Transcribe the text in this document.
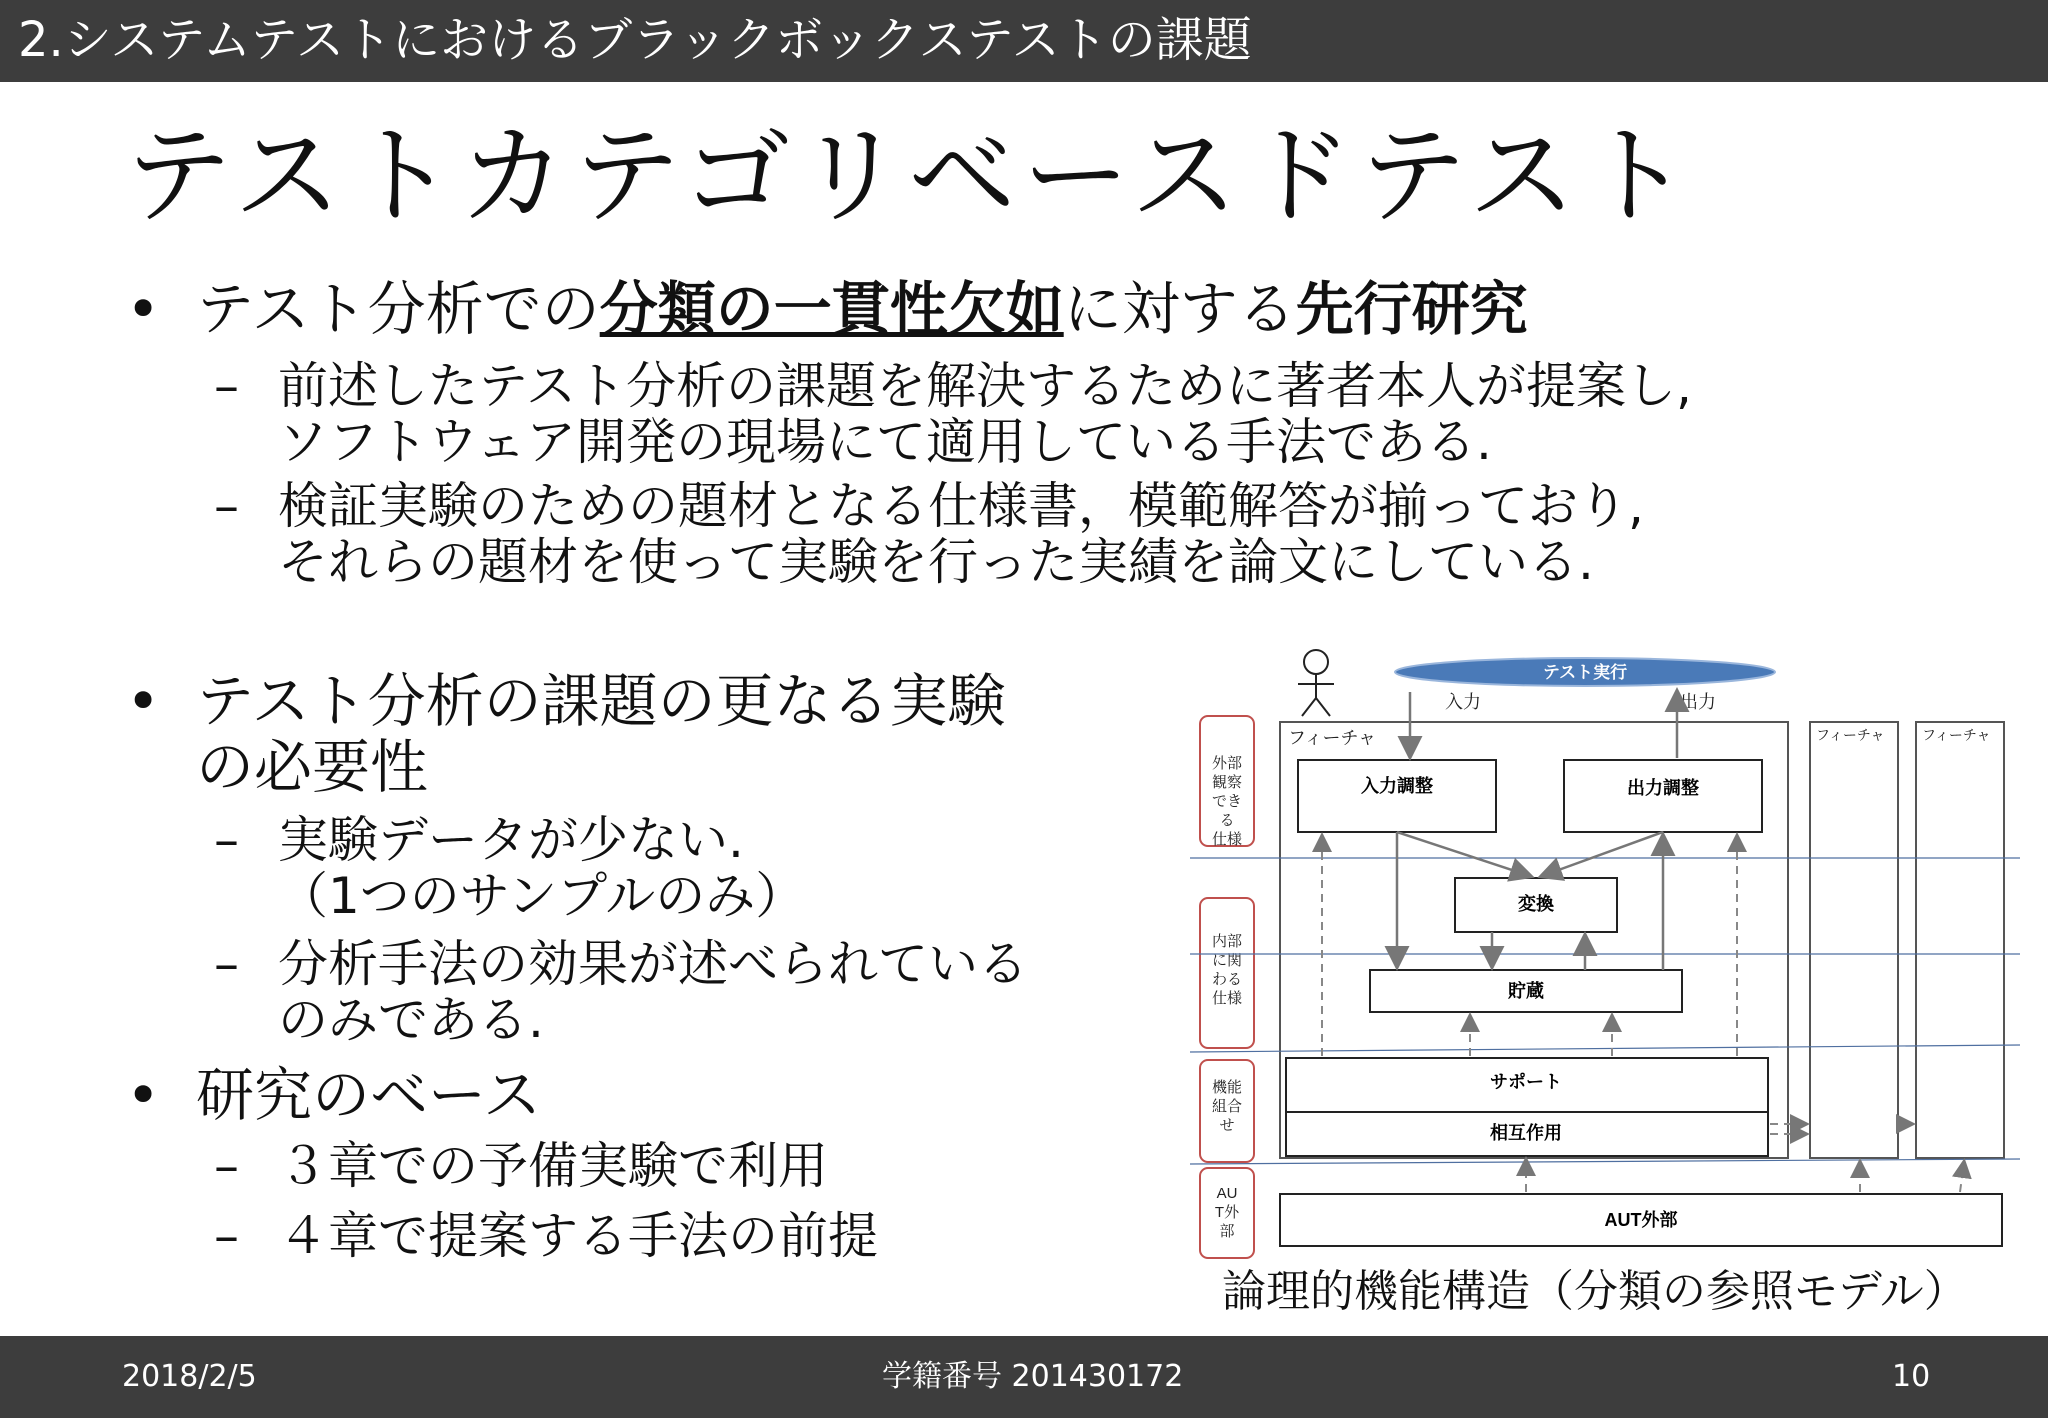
2.システムテストにおけるブラックボックステストの課題
テストカテゴリベースドテスト
• テスト分析での分類の一貫性欠如に対する先行研究
– 前述したテスト分析の課題を解決するために著者本人が提案し,
ソフトウェア開発の現場にて適用している手法である.
– 検証実験のための題材となる仕様書，模範解答が揃っており,
それらの題材を使って実験を行った実績を論文にしている.
• テスト分析の課題の更なる実験
の必要性
– 実験データが少ない.
（1つのサンプルのみ）
– 分析手法の効果が述べられている
のみである.
• 研究のベース
– ３章での予備実験で利用
– ４章で提案する手法の前提
テスト実行
入力	出力
外部
観察
でき
る
仕様
内部
に関
わる
仕様
機能
組合
せ
AU
T外
部
フィーチャ	フィーチャ	フィーチャ
入力調整	出力調整
変換
貯蔵
サポート
相互作用
AUT外部
論理的機能構造（分類の参照モデル）
2018/2/5	学籍番号 201430172	10
